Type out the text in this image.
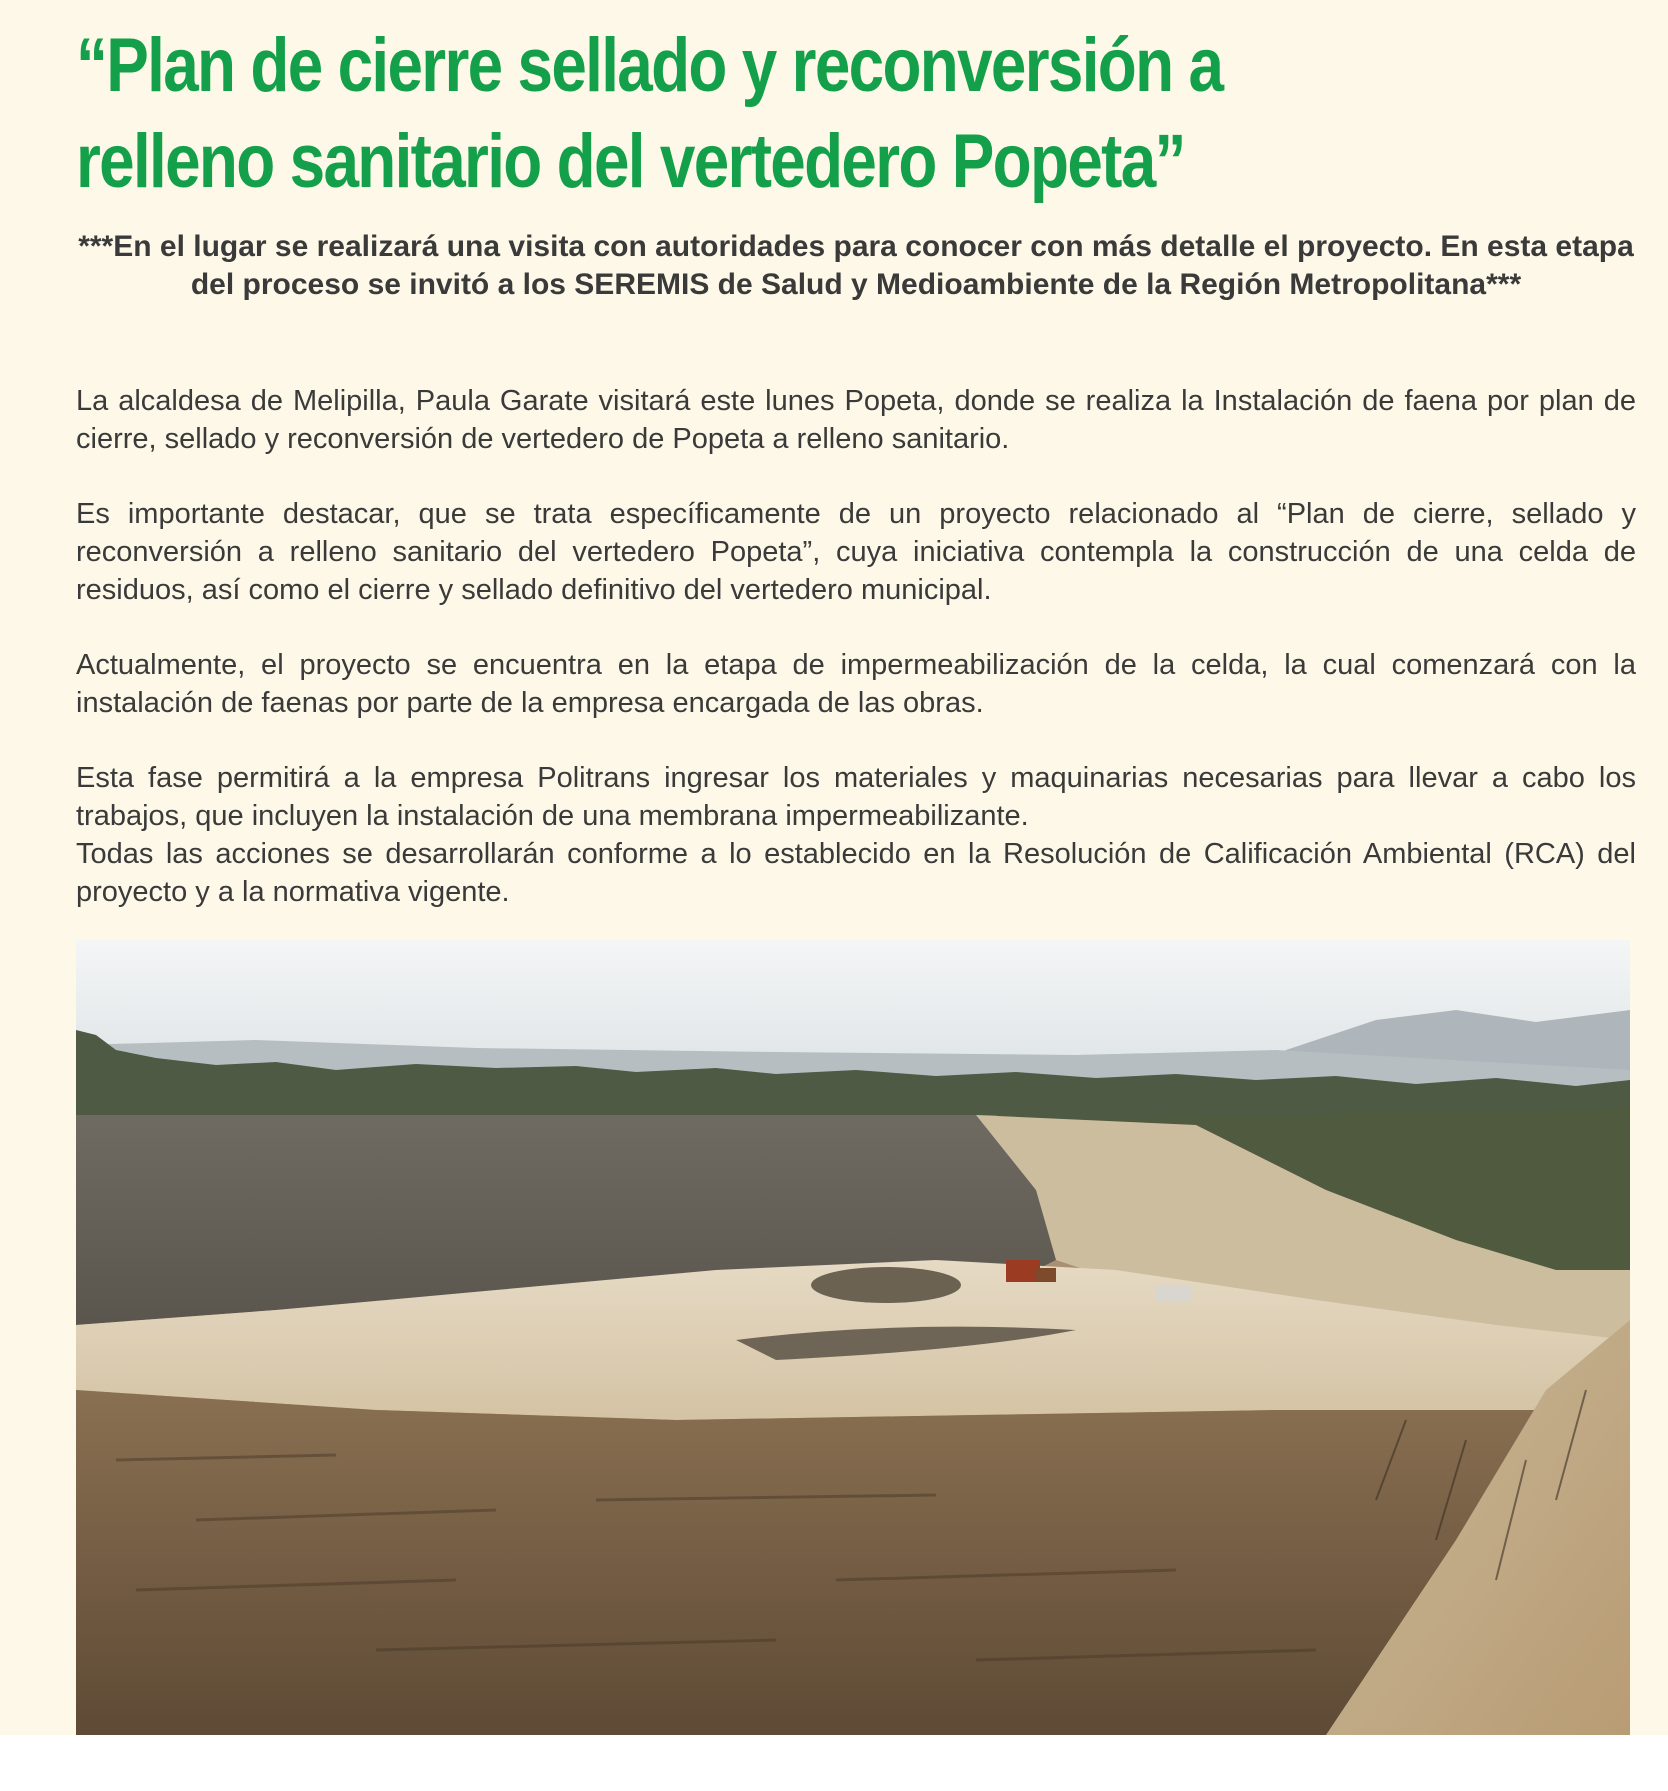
“Plan de cierre sellado y reconversión a relleno sanitario del vertedero Popeta”

***En el lugar se realizará una visita con autoridades para conocer con más detalle el proyecto. En esta etapa del proceso se invitó a los SEREMIS de Salud y Medioambiente de la Región Metropolitana***

La alcaldesa de Melipilla, Paula Garate visitará este lunes Popeta, donde se realiza la Instalación de faena por plan de cierre, sellado y reconversión de vertedero de Popeta a relleno sanitario.

Es importante destacar, que se trata específicamente de un proyecto relacionado al “Plan de cierre, sellado y reconversión a relleno sanitario del vertedero Popeta”, cuya iniciativa contempla la construcción de una celda de residuos, así como el cierre y sellado definitivo del vertedero municipal.

Actualmente, el proyecto se encuentra en la etapa de impermeabilización de la celda, la cual comenzará con la instalación de faenas por parte de la empresa encargada de las obras.

Esta fase permitirá a la empresa Politrans ingresar los materiales y maquinarias necesarias para llevar a cabo los trabajos, que incluyen la instalación de una membrana impermeabilizante.

Todas las acciones se desarrollarán conforme a lo establecido en la Resolución de Calificación Ambiental (RCA) del proyecto y a la normativa vigente.
